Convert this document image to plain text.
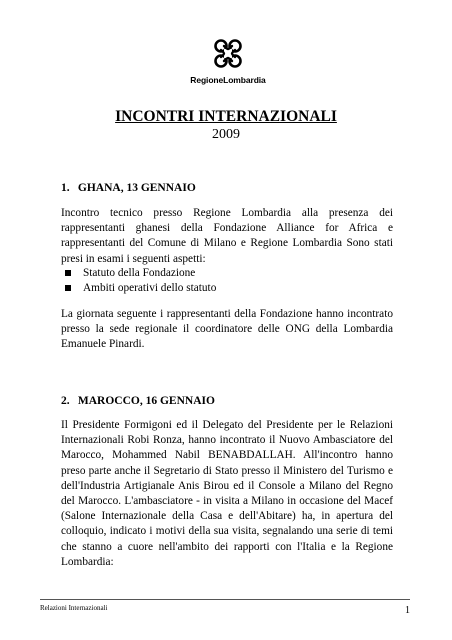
RegioneLombardia
INCONTRI INTERNAZIONALI
2009
1. GHANA, 13 GENNAIO
Incontro tecnico presso Regione Lombardia alla presenza dei rappresentanti ghanesi della Fondazione Alliance for Africa e rappresentanti del Comune di Milano e Regione Lombardia Sono stati presi in esami i seguenti aspetti:
Statuto della Fondazione
Ambiti operativi dello statuto
La giornata seguente i rappresentanti della Fondazione hanno incontrato presso la sede regionale il coordinatore delle ONG della Lombardia Emanuele Pinardi.
2. MAROCCO, 16 GENNAIO
Il Presidente Formigoni ed il Delegato del Presidente per le Relazioni Internazionali Robi Ronza, hanno incontrato il Nuovo Ambasciatore del Marocco, Mohammed Nabil BENABDALLAH. All'incontro hanno preso parte anche il Segretario di Stato presso il Ministero del Turismo e dell'Industria Artigianale Anis Birou ed il Console a Milano del Regno del Marocco. L'ambasciatore - in visita a Milano in occasione del Macef (Salone Internazionale della Casa e dell'Abitare) ha, in apertura del colloquio, indicato i motivi della sua visita, segnalando una serie di temi che stanno a cuore nell'ambito dei rapporti con l'Italia e la Regione Lombardia:
Relazioni Internazionali	1
